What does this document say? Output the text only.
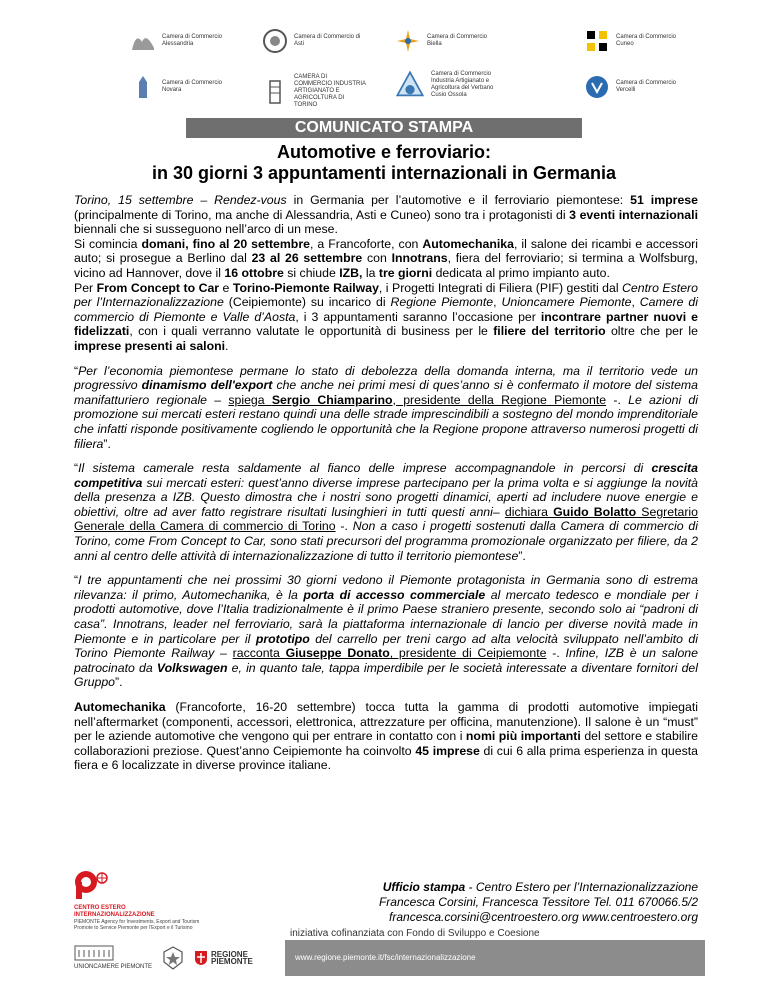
Camera di Commercio Alessandria
Camera di Commercio di Asti
Camera di Commercio Biella
Camera di Commercio Cuneo
Camera di Commercio Novara
CAMERA DI COMMERCIO INDUSTRIA ARTIGIANATO E AGRICOLTURA DI TORINO
Camera di Commercio Industria Artigianato e Agricoltura del Verbano Cusio Ossola
Camera di Commercio Vercelli
COMUNICATO STAMPA
Automotive e ferroviario:
in 30 giorni 3 appuntamenti internazionali in Germania

Torino, 15 settembre – Rendez-vous in Germania per l’automotive e il ferroviario piemontese: 51 imprese (principalmente di Torino, ma anche di Alessandria, Asti e Cuneo) sono tra i protagonisti di 3 eventi internazionali biennali che si susseguono nell’arco di un mese.

Si comincia domani, fino al 20 settembre, a Francoforte, con Automechanika, il salone dei ricambi e accessori auto; si prosegue a Berlino dal 23 al 26 settembre con Innotrans, fiera del ferroviario; si termina a Wolfsburg, vicino ad Hannover, dove il 16 ottobre si chiude IZB, la tre giorni dedicata al primo impianto auto.

Per From Concept to Car e Torino-Piemonte Railway, i Progetti Integrati di Filiera (PIF) gestiti dal Centro Estero per l’Internazionalizzazione (Ceipiemonte) su incarico di Regione Piemonte, Unioncamere Piemonte, Camere di commercio di Piemonte e Valle d’Aosta, i 3 appuntamenti saranno l’occasione per incontrare partner nuovi e fidelizzati, con i quali verranno valutate le opportunità di business per le filiere del territorio oltre che per le imprese presenti ai saloni.

“Per l’economia piemontese permane lo stato di debolezza della domanda interna, ma il territorio vede un progressivo dinamismo dell'export che anche nei primi mesi di ques’anno si è confermato il motore del sistema manifatturiero regionale – spiega Sergio Chiamparino, presidente della Regione Piemonte -. Le azioni di promozione sui mercati esteri restano quindi una delle strade imprescindibili a sostegno del mondo imprenditoriale che infatti risponde positivamente cogliendo le opportunità che la Regione propone attraverso numerosi progetti di filiera”.

“Il sistema camerale resta saldamente al fianco delle imprese accompagnandole in percorsi di crescita competitiva sui mercati esteri: quest’anno diverse imprese partecipano per la prima volta e si aggiunge la novità della presenza a IZB. Questo dimostra che i nostri sono progetti dinamici, aperti ad includere nuove energie e obiettivi, oltre ad aver fatto registrare risultati lusinghieri in tutti questi anni– dichiara Guido Bolatto Segretario Generale della Camera di commercio di Torino -. Non a caso i progetti sostenuti dalla Camera di commercio di Torino, come From Concept to Car, sono stati precursori del programma promozionale organizzato per filiere, da 2 anni al centro delle attività di internazionalizzazione di tutto il territorio piemontese”.

“I tre appuntamenti che nei prossimi 30 giorni vedono il Piemonte protagonista in Germania sono di estrema rilevanza: il primo, Automechanika, è la porta di accesso commerciale al mercato tedesco e mondiale per i prodotti automotive, dove l’Italia tradizionalmente è il primo Paese straniero presente, secondo solo ai “padroni di casa”. Innotrans, leader nel ferroviario, sarà la piattaforma internazionale di lancio per diverse novità made in Piemonte e in particolare per il prototipo del carrello per treni cargo ad alta velocità sviluppato nell’ambito di Torino Piemonte Railway – racconta Giuseppe Donato, presidente di Ceipiemonte -. Infine, IZB è un salone patrocinato da Volkswagen e, in quanto tale, tappa imperdibile per le società interessate a diventare fornitori del Gruppo”.

Automechanika (Francoforte, 16-20 settembre) tocca tutta la gamma di prodotti automotive impiegati nell’aftermarket (componenti, accessori, elettronica, attrezzature per officina, manutenzione). Il salone è un “must” per le aziende automotive che vengono qui per entrare in contatto con i nomi più importanti del settore e stabilire collaborazioni preziose. Quest’anno Ceipiemonte ha coinvolto 45 imprese di cui 6 alla prima esperienza in questa fiera e 6 localizzate in diverse province italiane.

CENTRO ESTERO INTERNAZIONALIZZAZIONE
PIEMONTE Agency for Investments, Export and Tourism
Promote to Service Piemonte per l'Export e il Turismo
Ufficio stampa - Centro Estero per l’Internazionalizzazione
Francesca Corsini, Francesca Tessitore Tel. 011 670066.5/2
francesca.corsini@centroestero.org www.centroestero.org
iniziativa cofinanziata con Fondo di Sviluppo e Coesione
UNIONCAMERE PIEMONTE
REGIONE PIEMONTE	www.regione.piemonte.it/fsc/internazionalizzazione
